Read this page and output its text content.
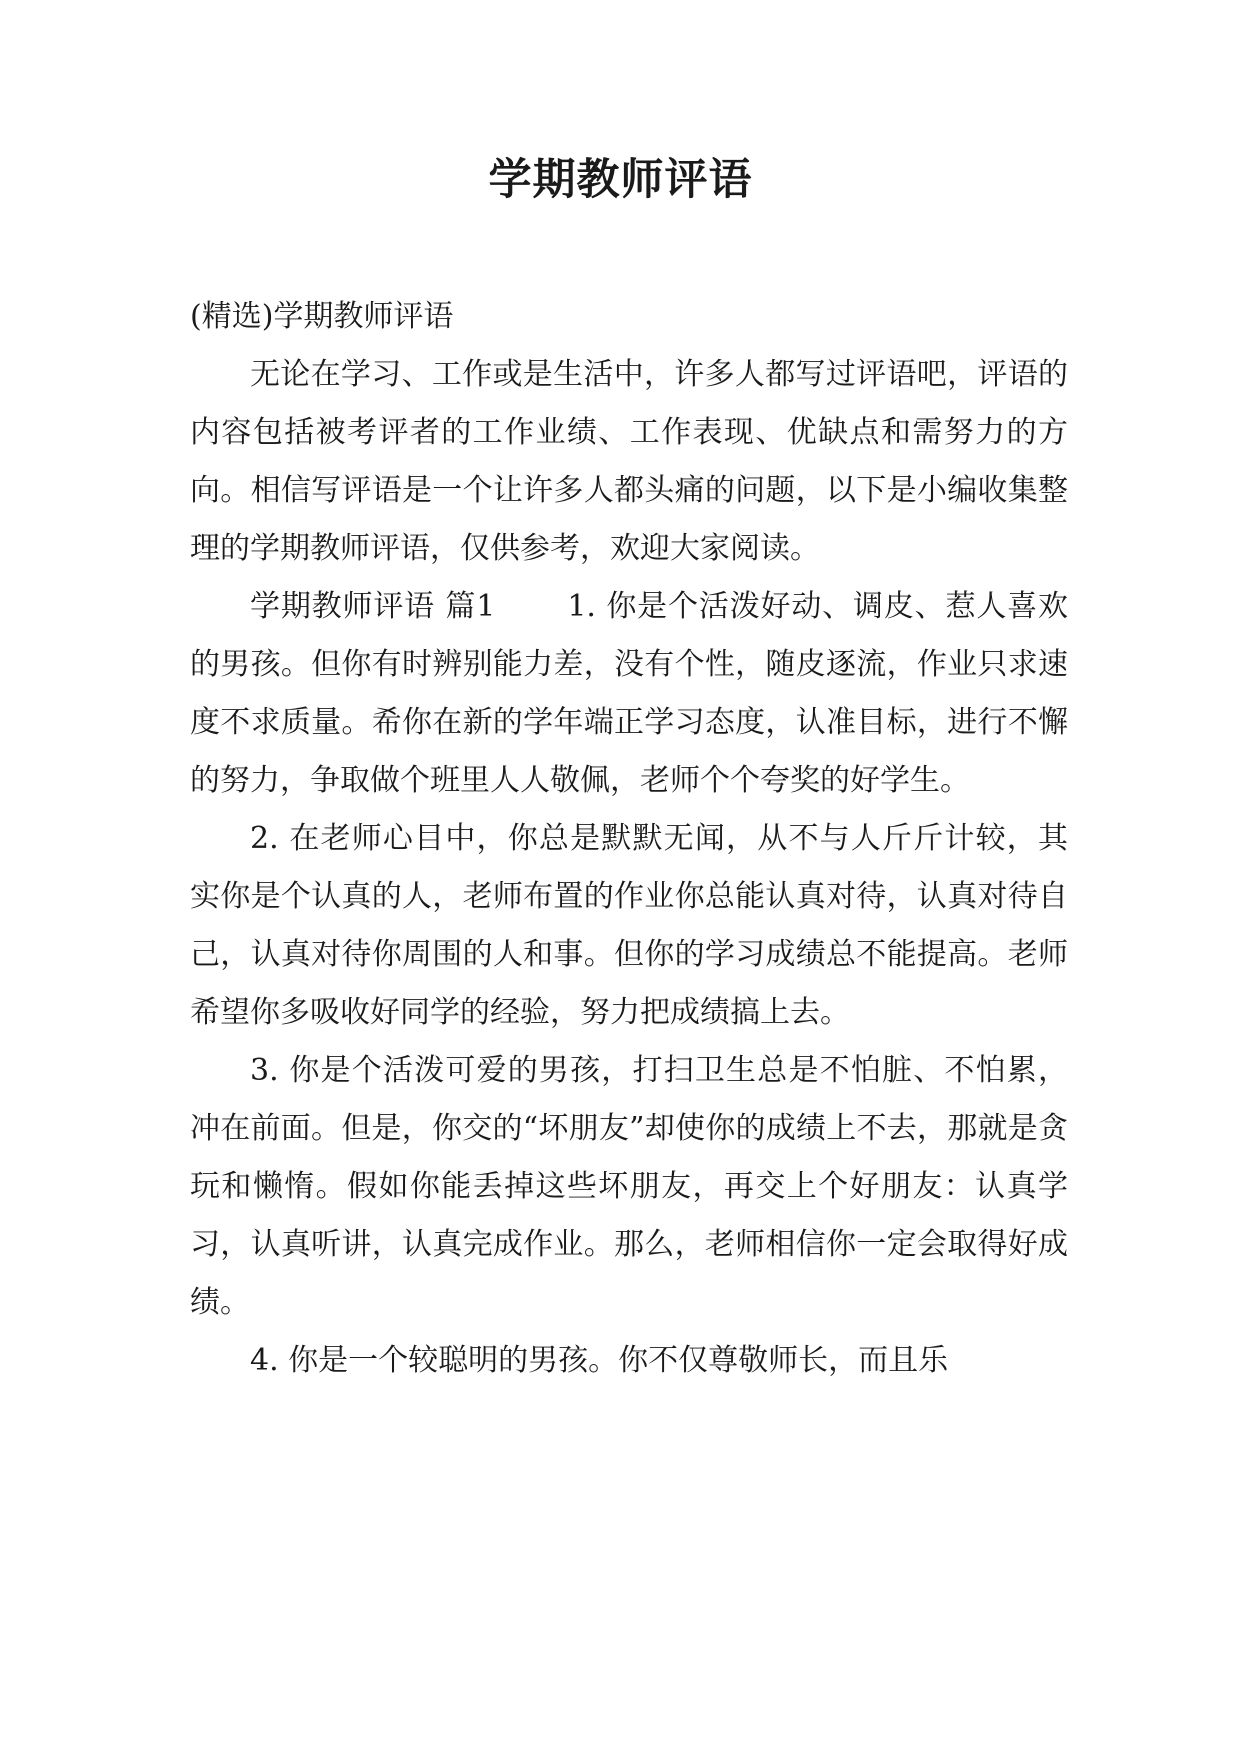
学期教师评语

(精选)学期教师评语

无论在学习、工作或是生活中，许多人都写过评语吧，评语的内容包括被考评者的工作业绩、工作表现、优缺点和需努力的方向。相信写评语是一个让许多人都头痛的问题，以下是小编收集整理的学期教师评语，仅供参考，欢迎大家阅读。

学期教师评语 篇1 　　1. 你是个活泼好动、调皮、惹人喜欢的男孩。但你有时辨别能力差，没有个性，随皮逐流，作业只求速度不求质量。希你在新的学年端正学习态度，认准目标，进行不懈的努力，争取做个班里人人敬佩，老师个个夸奖的好学生。

2. 在老师心目中，你总是默默无闻，从不与人斤斤计较，其实你是个认真的人，老师布置的作业你总能认真对待，认真对待自己，认真对待你周围的人和事。但你的学习成绩总不能提高。老师希望你多吸收好同学的经验，努力把成绩搞上去。

3. 你是个活泼可爱的男孩，打扫卫生总是不怕脏、不怕累，冲在前面。但是，你交的“坏朋友”却使你的成绩上不去，那就是贪玩和懒惰。假如你能丢掉这些坏朋友，再交上个好朋友：认真学习，认真听讲，认真完成作业。那么，老师相信你一定会取得好成绩。

4. 你是一个较聪明的男孩。你不仅尊敬师长，而且乐
